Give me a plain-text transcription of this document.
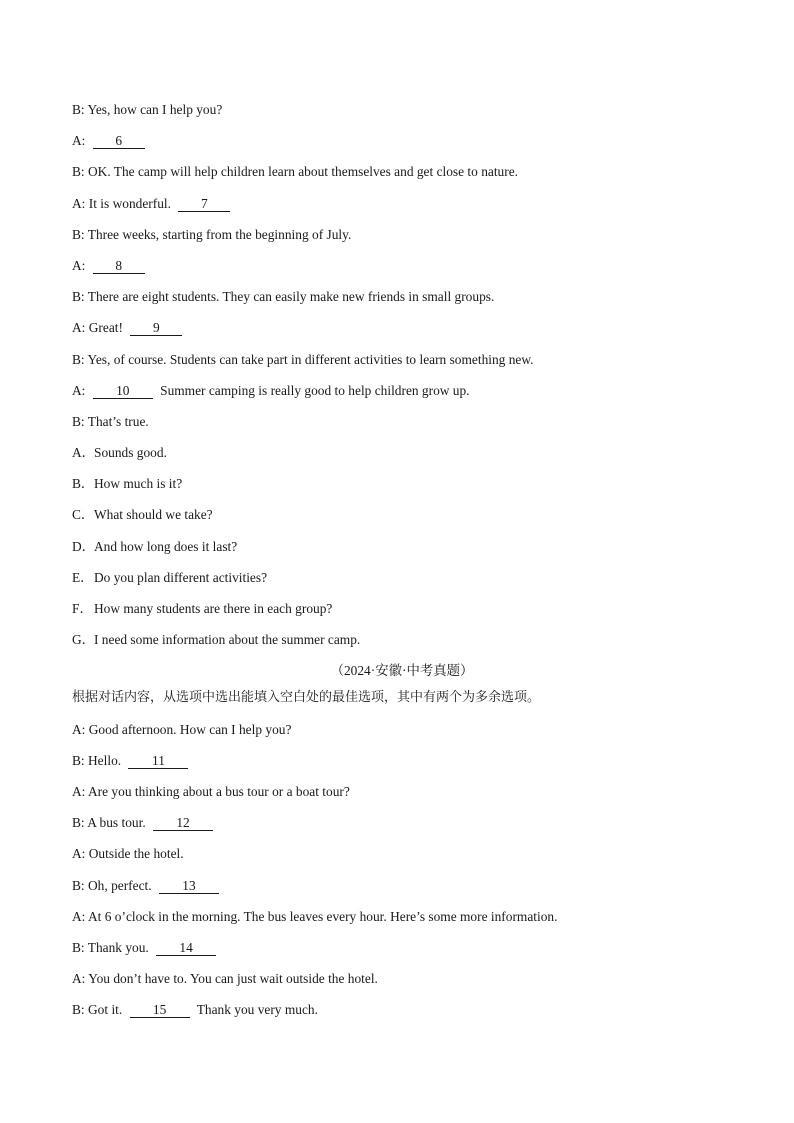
B: Yes, how can I help you?
A: 6
B: OK. The camp will help children learn about themselves and get close to nature.
A: It is wonderful. 7
B: Three weeks, starting from the beginning of July.
A: 8
B: There are eight students. They can easily make new friends in small groups.
A: Great! 9
B: Yes, of course. Students can take part in different activities to learn something new.
A: 10 Summer camping is really good to help children grow up.
B: That’s true.
A．Sounds good.
B．How much is it?
C．What should we take?
D．And how long does it last?
E．Do you plan different activities?
F．How many students are there in each group?
G．I need some information about the summer camp.
（2024·安徽·中考真题）
根据对话内容，从选项中选出能填入空白处的最佳选项，其中有两个为多余选项。
A: Good afternoon. How can I help you?
B: Hello. 11
A: Are you thinking about a bus tour or a boat tour?
B: A bus tour. 12
A: Outside the hotel.
B: Oh, perfect. 13
A: At 6 o’clock in the morning. The bus leaves every hour. Here’s some more information.
B: Thank you. 14
A: You don’t have to. You can just wait outside the hotel.
B: Got it. 15 Thank you very much.
